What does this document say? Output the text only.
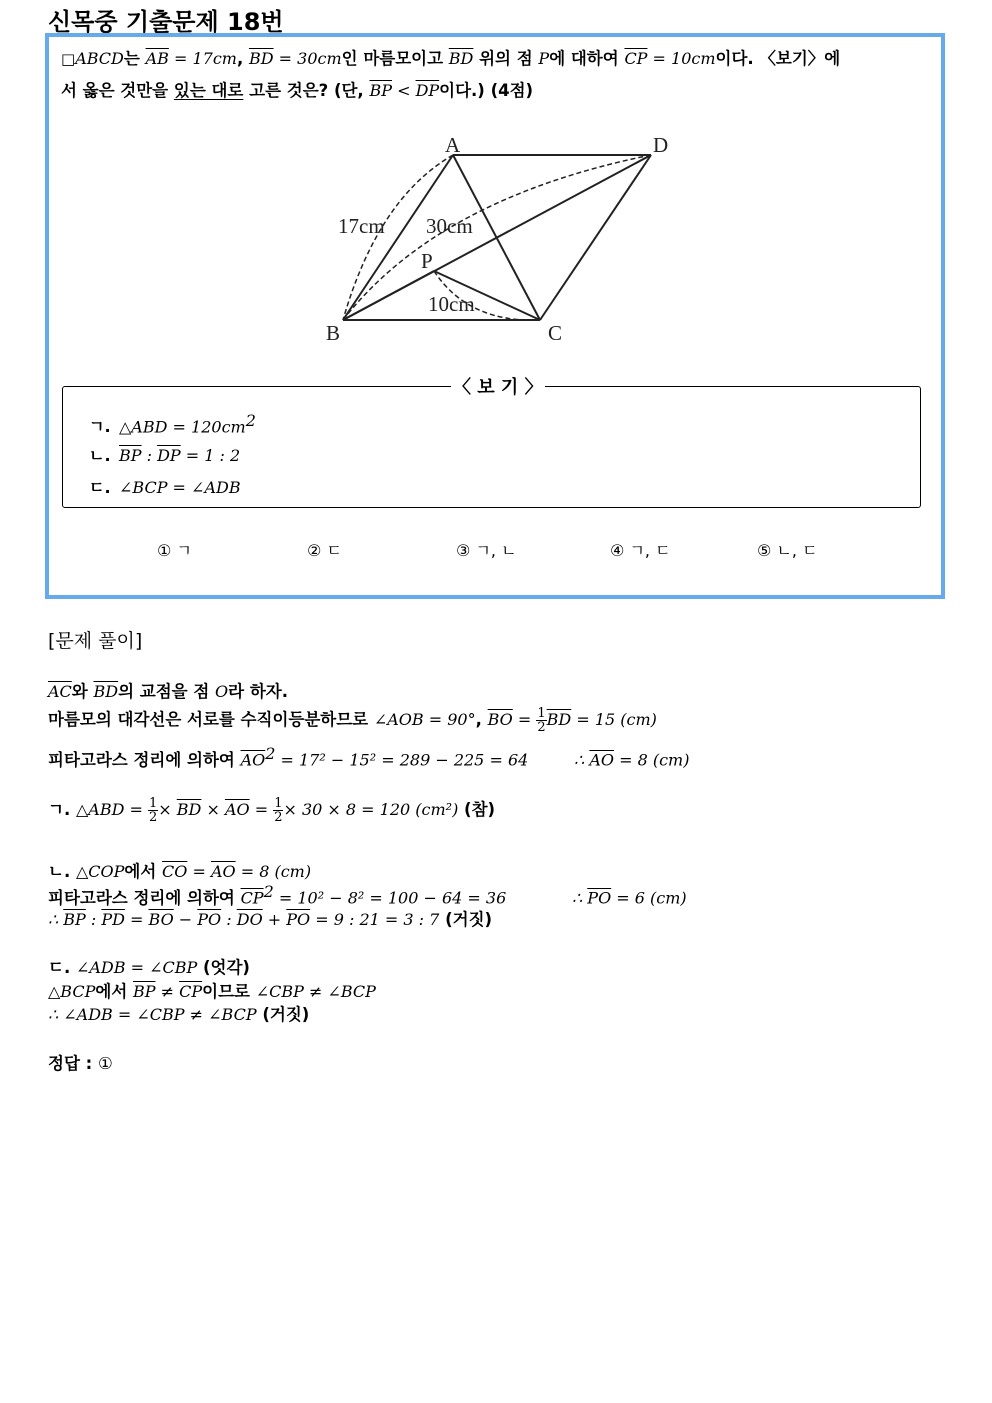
신목중 기출문제 18번
□ABCD는 $\overline{AB} = 17cm$, $\overline{BD} = 30cm$인 마름모이고 $\overline{BD}$ 위의 점 P에 대하여 $\overline{CP} = 10cm$이다. 〈보기〉에
서 옳은 것만을 있는 대로 고른 것은? (단, $\overline{BP} < \overline{DP}$이다.) (4점)
A	D
B	C
P
17cm 30cm
10cm
〈 보 기 〉
ㄱ. △ABD = $120cm^2$
ㄴ. $\overline{BP}$ : $\overline{DP} = 1$ : 2
ㄷ. ∠BCP = ∠ADB
① ㄱ	② ㄷ	③ ㄱ, ㄴ	④ ㄱ, ㄷ	⑤ ㄴ, ㄷ
[문제 풀이]
$\overline{AC}$와 $\overline{BD}$의 교점을 점 O라 하자.
마름모의 대각선은 서로를 수직이등분하므로 ∠AOB = 90°, $\overline{BO} = \frac{1}{2} \overline{BD} = 15$ (cm)
피타고라스 정리에 의하여 $\overline{AO}^2 = 17^2 - 15^2 = 289 - 225 = 64$	∴ $\overline{AO} = 8$ (cm)
ㄱ. △ABD = $\frac{1}{2} \times \overline{BD} \times \overline{AO} = \frac{1}{2} \times 30 \times 8 = 120$ (cm²) (참)
ㄴ. △COP에서 $\overline{CO} = \overline{AO} = 8$ (cm)
피타고라스 정리에 의하여 $\overline{CP}^2 = 10^2 - 8^2 = 100 - 64 = 36$	∴ $\overline{PO} = 6$ (cm)
∴ $\overline{BP}$ : $\overline{PD} = \overline{BO} - \overline{PO}$ : $\overline{DO} + \overline{PO} = 9$ : 21 = 3 : 7 (거짓)
ㄷ. ∠ADB = ∠CBP (엇각)
△BCP에서 $\overline{BP} \ne \overline{CP}$이므로 ∠CBP ≠ ∠BCP
∴ ∠ADB = ∠CBP ≠ ∠BCP (거짓)
정답 : ①
